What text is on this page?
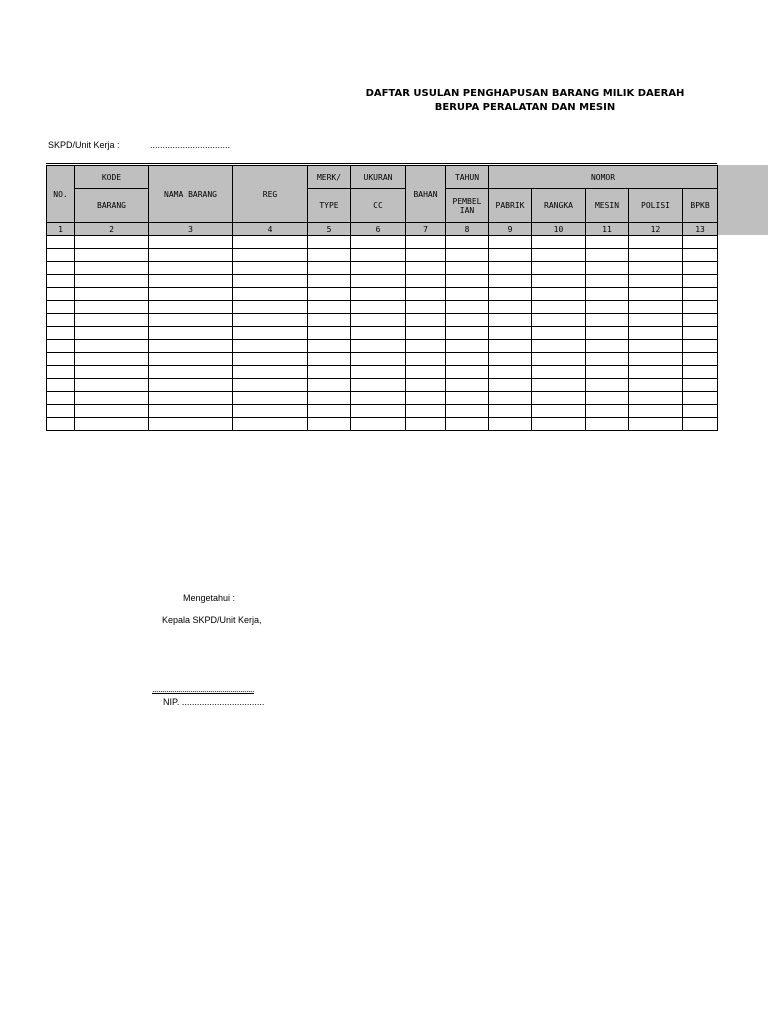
DAFTAR USULAN PENGHAPUSAN BARANG MILIK DAERAH
BERUPA PERALATAN DAN MESIN
SKPD/Unit Kerja :	................................
NO.	KODE	NAMA BARANG	REG	MERK/	UKURAN	BAHAN	TAHUN	NOMOR				
	BARANG			TYPE	CC		PEMBEL IAN	PABRIK	RANGKA	MESIN	POLISI	BPKB
1	2	3	4	5	6	7	8	9	10	11	12	13

Mengetahui :
Kepala SKPD/Unit Kerja,
...................................................
NIP. .................................
